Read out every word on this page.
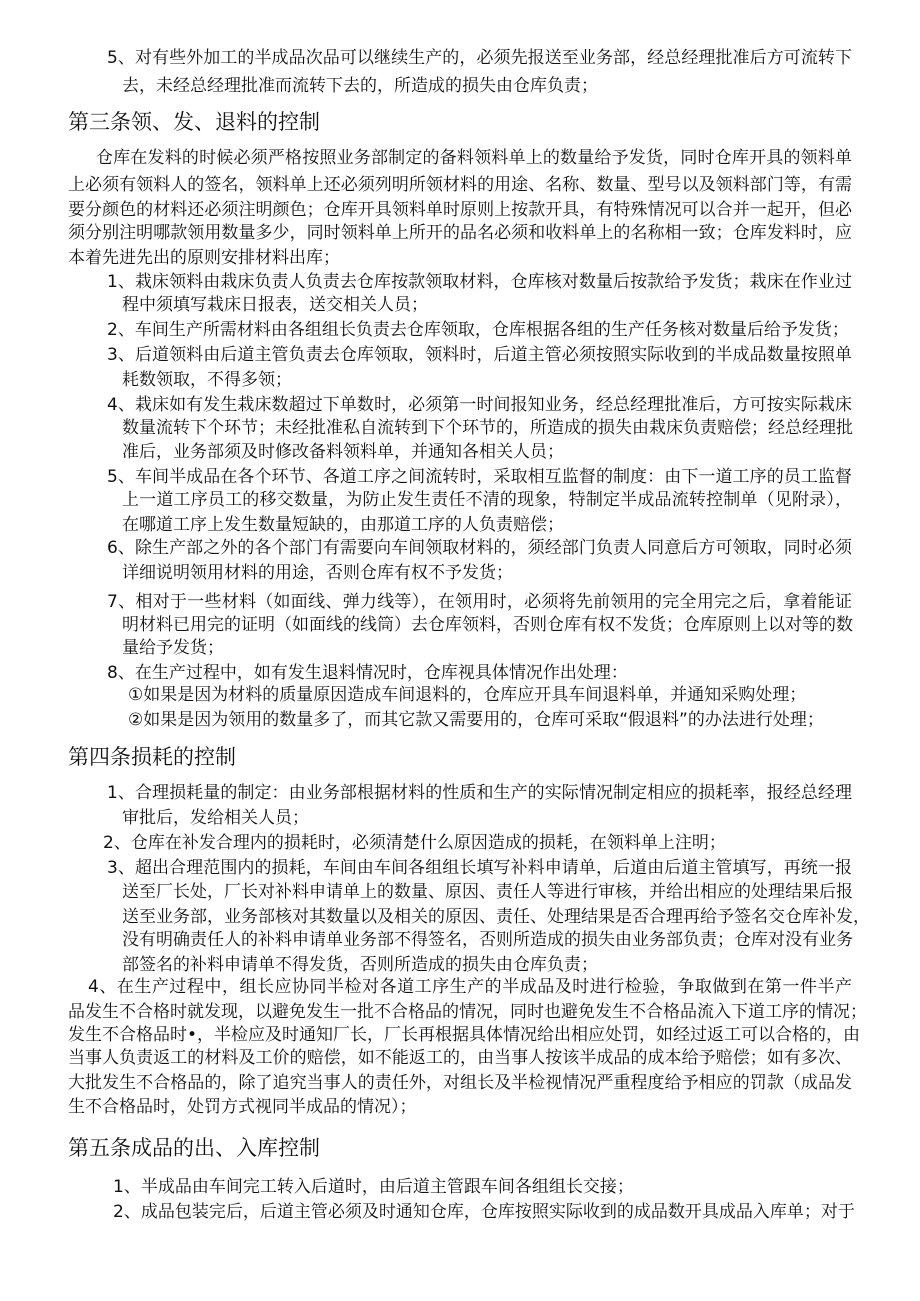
5、对有些外加工的半成品次品可以继续生产的，必须先报送至业务部，经总经理批准后方可流转下
去，未经总经理批准而流转下去的，所造成的损失由仓库负责；
第三条领、发、退料的控制
仓库在发料的时候必须严格按照业务部制定的备料领料单上的数量给予发货，同时仓库开具的领料单
上必须有领料人的签名，领料单上还必须列明所领材料的用途、名称、数量、型号以及领料部门等，有需
要分颜色的材料还必须注明颜色；仓库开具领料单时原则上按款开具，有特殊情况可以合并一起开，但必
须分别注明哪款领用数量多少，同时领料单上所开的品名必须和收料单上的名称相一致；仓库发料时，应
本着先进先出的原则安排材料出库；
1、栽床领料由栽床负责人负责去仓库按款领取材料，仓库核对数量后按款给予发货；栽床在作业过
程中须填写栽床日报表，送交相关人员；
2、车间生产所需材料由各组组长负责去仓库领取，仓库根据各组的生产任务核对数量后给予发货；
3、后道领料由后道主管负责去仓库领取，领料时，后道主管必须按照实际收到的半成品数量按照单
耗数领取，不得多领；
4、栽床如有发生栽床数超过下单数时，必须第一时间报知业务，经总经理批准后，方可按实际栽床
数量流转下个环节；未经批准私自流转到下个环节的，所造成的损失由栽床负责赔偿；经总经理批
准后，业务部须及时修改备料领料单，并通知各相关人员；
5、车间半成品在各个环节、各道工序之间流转时，采取相互监督的制度：由下一道工序的员工监督
上一道工序员工的移交数量，为防止发生责任不清的现象，特制定半成品流转控制单（见附录），
在哪道工序上发生数量短缺的，由那道工序的人负责赔偿；
6、除生产部之外的各个部门有需要向车间领取材料的，须经部门负责人同意后方可领取，同时必须
详细说明领用材料的用途，否则仓库有权不予发货；
7、相对于一些材料（如面线、弹力线等），在领用时，必须将先前领用的完全用完之后，拿着能证
明材料已用完的证明（如面线的线筒）去仓库领料，否则仓库有权不发货；仓库原则上以对等的数
量给予发货；
8、在生产过程中，如有发生退料情况时，仓库视具体情况作出处理：
①如果是因为材料的质量原因造成车间退料的，仓库应开具车间退料单，并通知采购处理；
②如果是因为领用的数量多了，而其它款又需要用的，仓库可采取“假退料”的办法进行处理；
第四条损耗的控制
1、合理损耗量的制定：由业务部根据材料的性质和生产的实际情况制定相应的损耗率，报经总经理
审批后，发给相关人员；
2、仓库在补发合理内的损耗时，必须清楚什么原因造成的损耗，在领料单上注明；
3、超出合理范围内的损耗，车间由车间各组组长填写补料申请单，后道由后道主管填写，再统一报
送至厂长处，厂长对补料申请单上的数量、原因、责任人等进行审核，并给出相应的处理结果后报
送至业务部，业务部核对其数量以及相关的原因、责任、处理结果是否合理再给予签名交仓库补发，
没有明确责任人的补料申请单业务部不得签名，否则所造成的损失由业务部负责；仓库对没有业务
部签名的补料申请单不得发货，否则所造成的损失由仓库负责；
4、在生产过程中，组长应协同半检对各道工序生产的半成品及时进行检验，争取做到在第一件半产
品发生不合格时就发现，以避免发生一批不合格品的情况，同时也避免发生不合格品流入下道工序的情况；
发生不合格品时•，半检应及时通知厂长，厂长再根据具体情况给出相应处罚，如经过返工可以合格的，由
当事人负责返工的材料及工价的赔偿，如不能返工的，由当事人按该半成品的成本给予赔偿；如有多次、
大批发生不合格品的，除了追究当事人的责任外，对组长及半检视情况严重程度给予相应的罚款（成品发
生不合格品时，处罚方式视同半成品的情况）；
第五条成品的出、入库控制
1、半成品由车间完工转入后道时，由后道主管跟车间各组组长交接；
2、成品包装完后，后道主管必须及时通知仓库，仓库按照实际收到的成品数开具成品入库单；对于
